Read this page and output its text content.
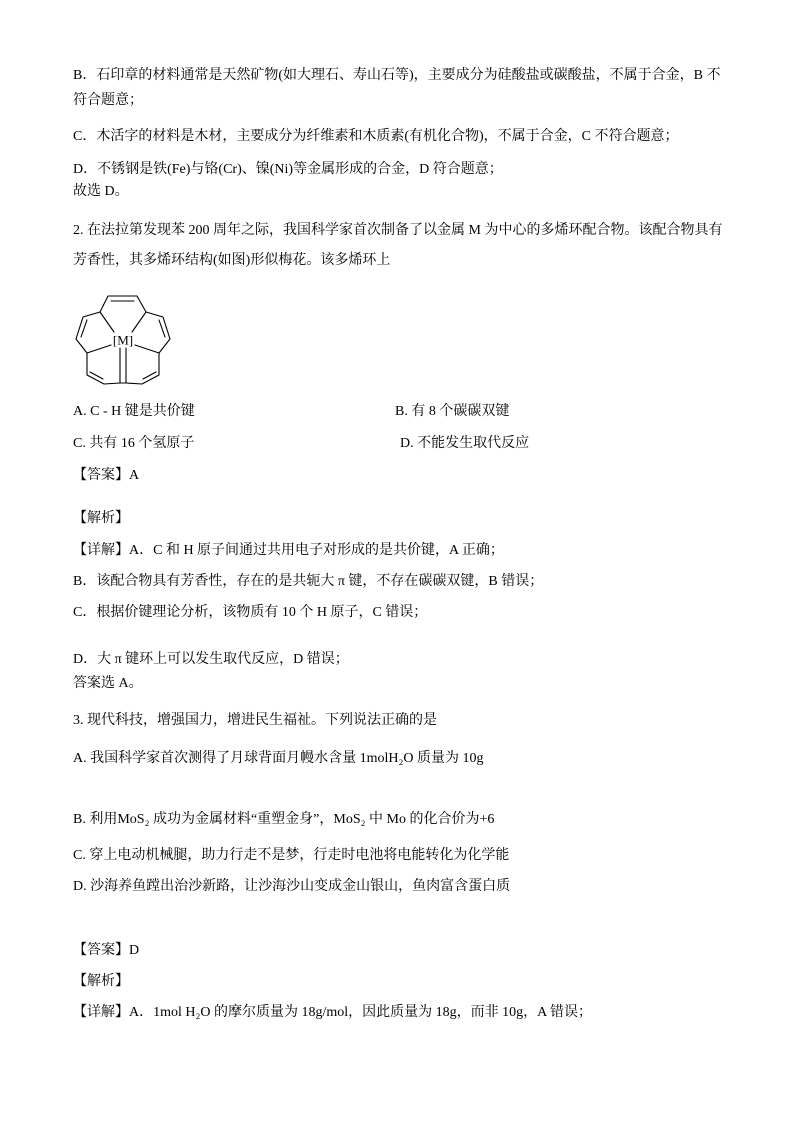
B．石印章的材料通常是天然矿物(如大理石、寿山石等)，主要成分为硅酸盐或碳酸盐，不属于合金，B 不符合题意；
C．木活字的材料是木材，主要成分为纤维素和木质素(有机化合物)，不属于合金，C 不符合题意；
D．不锈钢是铁(Fe)与铬(Cr)、镍(Ni)等金属形成的合金，D 符合题意；
故选 D。
2. 在法拉第发现苯 200 周年之际，我国科学家首次制备了以金属 M 为中心的多烯环配合物。该配合物具有芳香性，其多烯环结构(如图)形似梅花。该多烯环上
[M]
A. C - H 键是共价键	B. 有 8 个碳碳双键
C. 共有 16 个氢原子	D. 不能发生取代反应
【答案】A
【解析】
【详解】A．C 和 H 原子间通过共用电子对形成的是共价键，A 正确；
B．该配合物具有芳香性，存在的是共轭大 π 键，不存在碳碳双键，B 错误；
C．根据价键理论分析，该物质有 10 个 H 原子，C 错误；
D．大 π 键环上可以发生取代反应，D 错误；
答案选 A。
3. 现代科技，增强国力，增进民生福祉。下列说法正确的是
A. 我国科学家首次测得了月球背面月幔水含量 1molH₂O 质量为 10g
B. 利用MoS₂ 成功为金属材料“重塑金身”，MoS₂ 中 Mo 的化合价为+6
C. 穿上电动机械腿，助力行走不是梦，行走时电池将电能转化为化学能
D. 沙海养鱼蹚出治沙新路，让沙海沙山变成金山银山，鱼肉富含蛋白质
【答案】D
【解析】
【详解】A．1mol H₂O 的摩尔质量为 18g/mol，因此质量为 18g，而非 10g，A 错误；
